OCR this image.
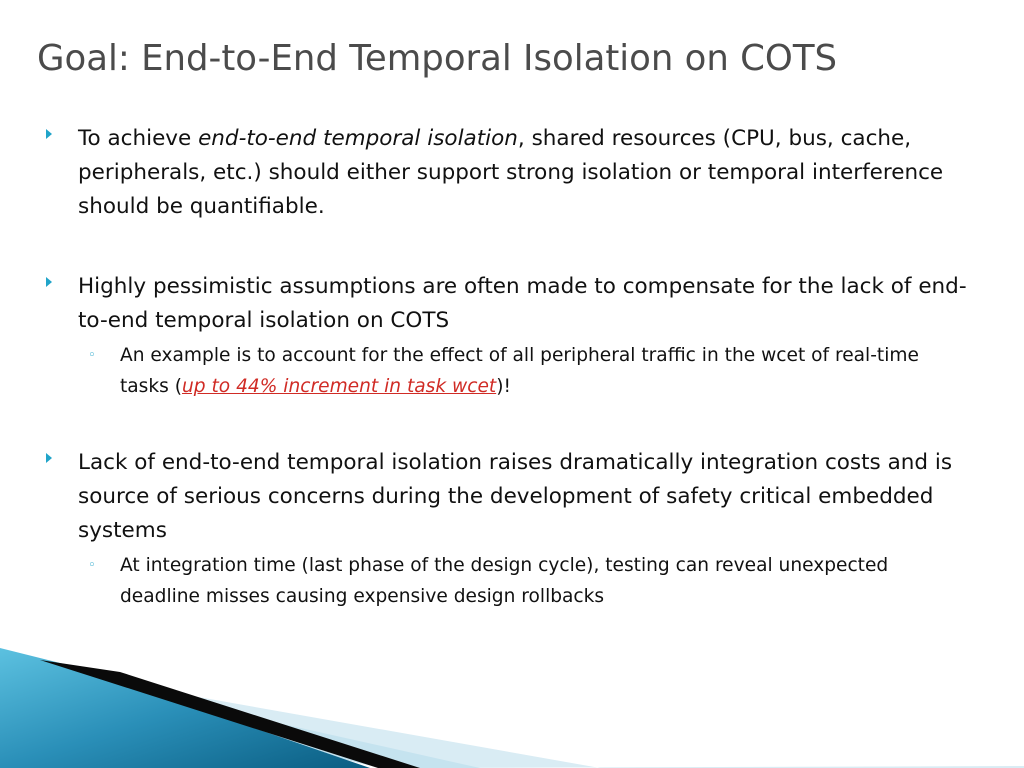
Goal: End-to-End Temporal Isolation on COTS
To achieve end-to-end temporal isolation, shared resources (CPU, bus, cache, peripherals, etc.) should either support strong isolation or temporal interference should be quantifiable.
Highly pessimistic assumptions are often made to compensate for the lack of end-to-end temporal isolation on COTS
◦ An example is to account for the effect of all peripheral traffic in the wcet of real-time tasks (up to 44% increment in task wcet)!
Lack of end-to-end temporal isolation raises dramatically integration costs and is source of serious concerns during the development of safety critical embedded systems
◦ At integration time (last phase of the design cycle), testing can reveal unexpected deadline misses causing expensive design rollbacks
